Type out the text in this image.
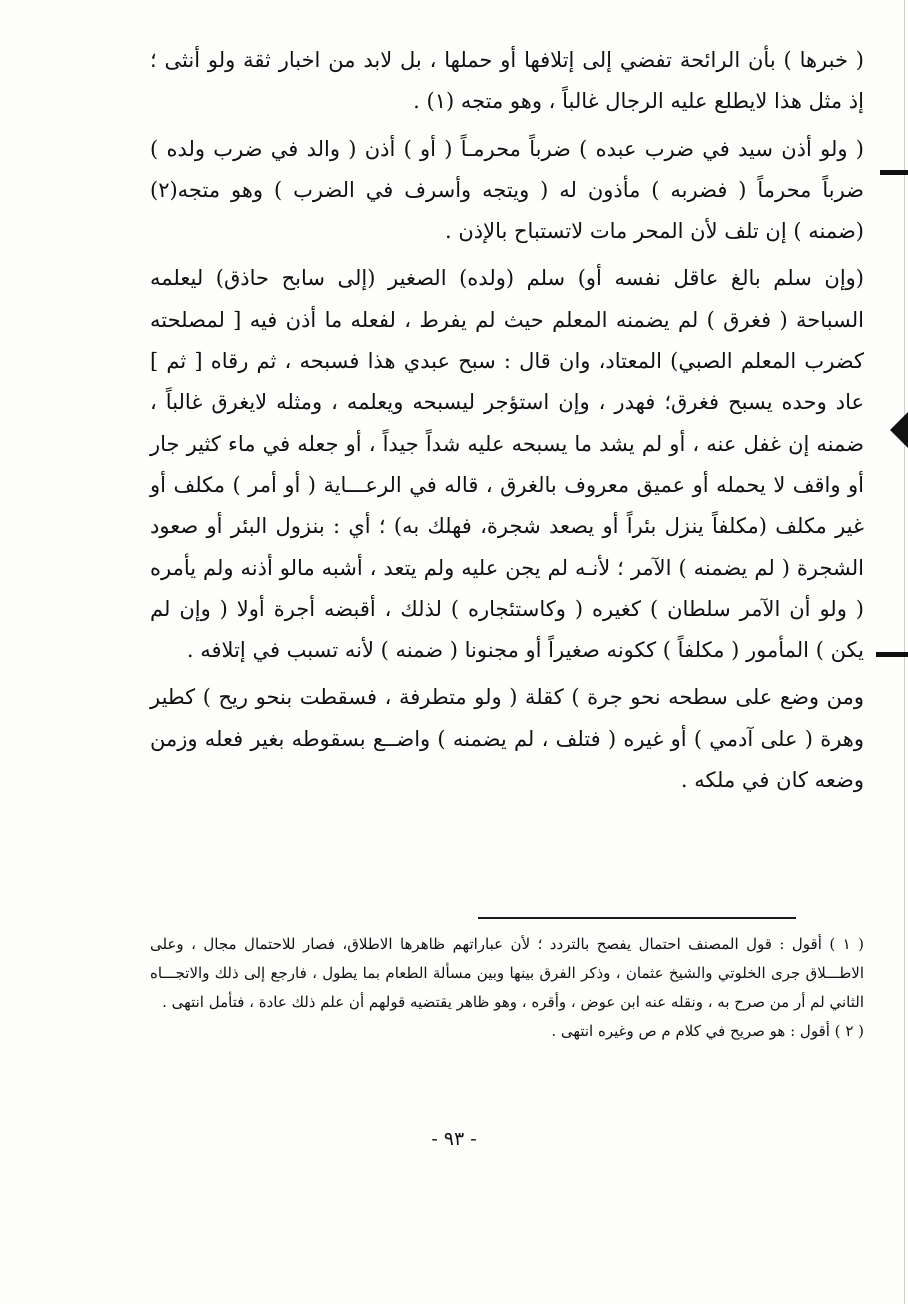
( خبرها ) بأن الرائحة تفضي إلى إتلافها أو حملها ، بل لابد من اخبار ثقة ولو أنثى ؛ إذ مثل هذا لايطلع عليه الرجال غالباً ، وهو متجه (١) .

( ولو أذن سيد في ضرب عبده ) ضرباً محرمـاً ( أو ) أذن ( والد في ضرب ولده ) ضرباً محرماً ( فضربه ) مأذون له ( ويتجه وأسرف في الضرب ) وهو متجه(٢) (ضمنه ) إن تلف لأن المحر مات لاتستباح بالإذن .

(وإن سلم بالغ عاقل نفسه أو) سلم (ولده) الصغير (إلى سابح حاذق) ليعلمه السباحة ( فغرق ) لم يضمنه المعلم حيث لم يفرط ، لفعله ما أذن فيه [ لمصلحته كضرب المعلم الصبي) المعتاد، وان قال : سبح عبدي هذا فسبحه ، ثم رقاه [ ثم ] عاد وحده يسبح فغرق؛ فهدر ، وإن استؤجر ليسبحه ويعلمه ، ومثله لايغرق غالباً ، ضمنه إن غفل عنه ، أو لم يشد ما يسبحه عليه شداً جيداً ، أو جعله في ماء كثير جار أو واقف لا يحمله أو عميق معروف بالغرق ، قاله في الرعـــاية ( أو أمر ) مكلف أو غير مكلف (مكلفاً ينزل بئراً أو يصعد شجرة، فهلك به) ؛ أي : بنزول البئر أو صعود الشجرة ( لم يضمنه ) الآمر ؛ لأنـه لم يجن عليه ولم يتعد ، أشبه مالو أذنه ولم يأمره ( ولو أن الآمر سلطان ) كغيره ( وكاستئجاره ) لذلك ، أقبضه أجرة أولا ( وإن لم يكن ) المأمور ( مكلفاً ) ككونه صغيراً أو مجنونا ( ضمنه ) لأنه تسبب في إتلافه .

ومن وضع على سطحه نحو جرة ) كقلة ( ولو متطرفة ، فسقطت بنحو ريح ) كطير وهرة ( على آدمي ) أو غيره ( فتلف ، لم يضمنه ) واضــع بسقوطه بغير فعله وزمن وضعه كان في ملكه .

( ١ ) أقول : قول المصنف احتمال يفصح بالتردد ؛ لأن عباراتهم ظاهرها الاطلاق، فصار للاحتمال مجال ، وعلى الاطـــلاق جرى الخلوتي والشيخ عثمان ، وذكر الفرق بينها وبين مسألة الطعام بما يطول ، فارجع إلى ذلك والاتجـــاه الثاني لم أر من صرح به ، ونقله عنه ابن عوض ، وأقره ، وهو ظاهر يقتضيه قولهم أن علم ذلك عادة ، فتأمل انتهى .

( ٢ ) أقول : هو صريح في كلام م ص وغيره انتهى .

- ٩٣ -
